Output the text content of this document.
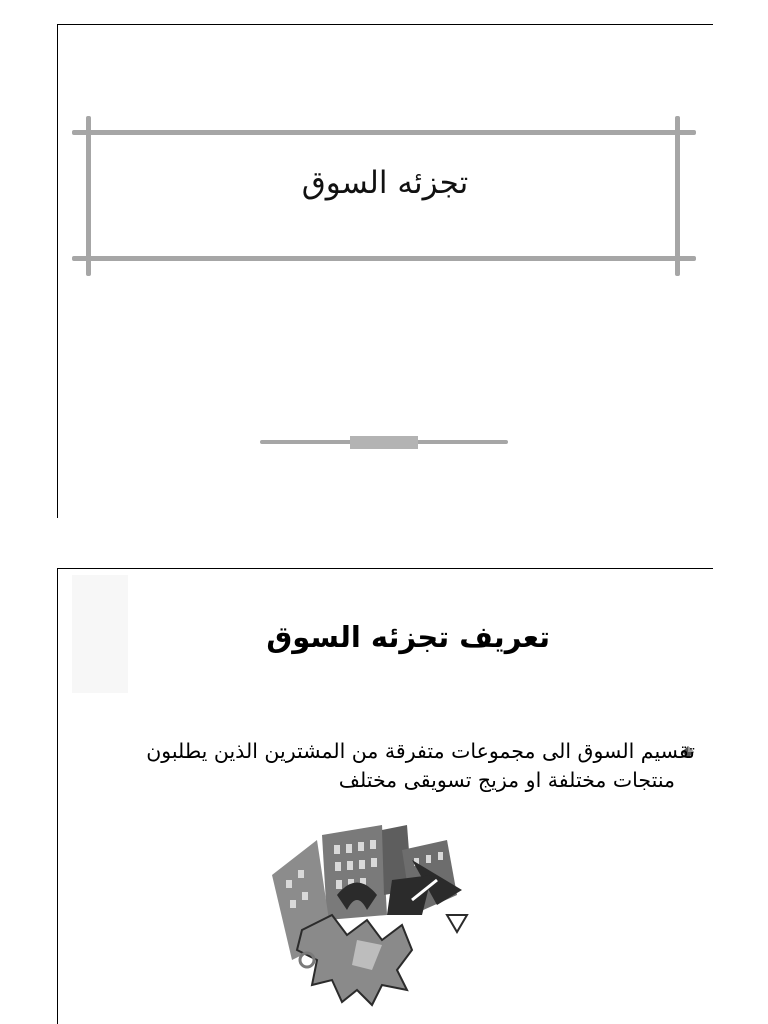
تجزئه السوق
تعريف تجزئه السوق
تقسيم السوق الى مجموعات متفرقة من المشترين الذين يطلبون
منتجات مختلفة او مزيج تسويقى مختلف
